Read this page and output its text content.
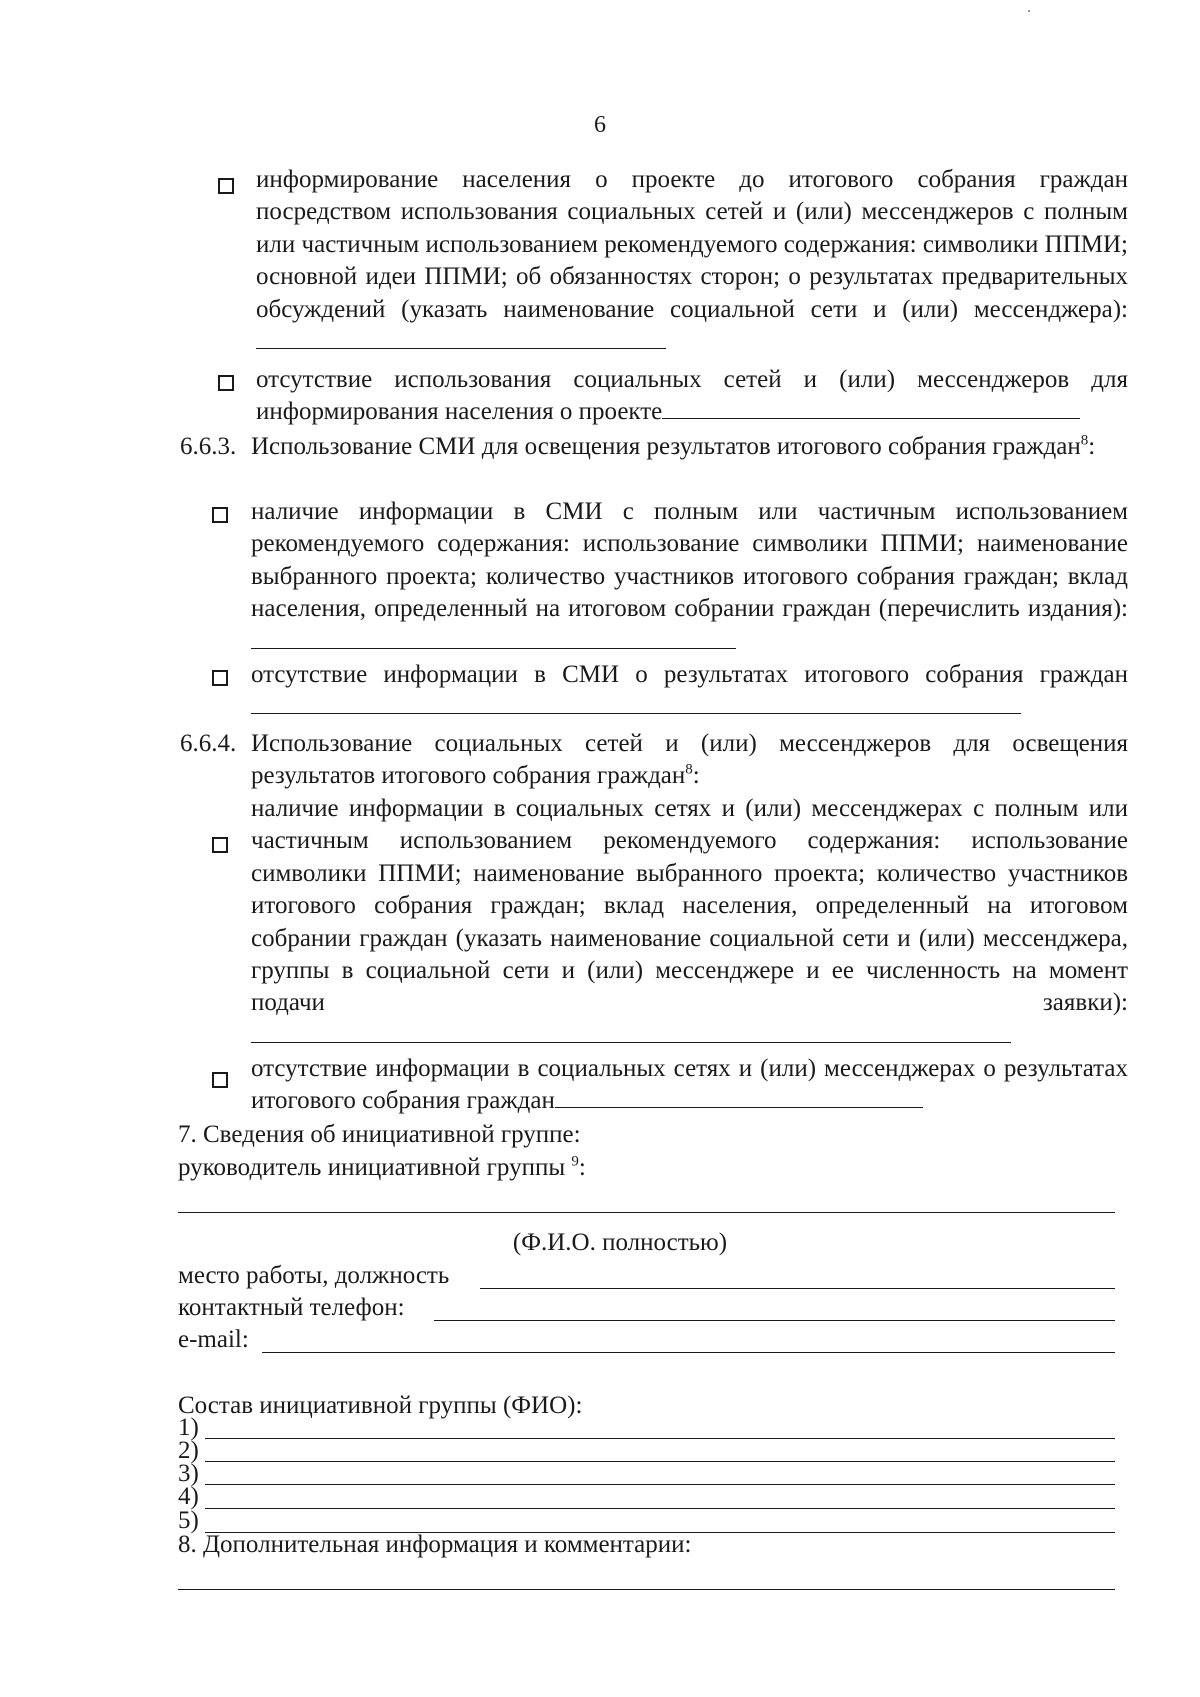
6
информирование населения о проекте до итогового собрания граждан посредством использования социальных сетей и (или) мессенджеров с полным или частичным использованием рекомендуемого содержания: символики ППМИ; основной идеи ППМИ; об обязанностях сторон; о результатах предварительных обсуждений (указать наименование социальной сети и (или) мессенджера):
отсутствие использования социальных сетей и (или) мессенджеров для информирования населения о проекте
6.6.3. Использование СМИ для освещения результатов итогового собрания граждан$^8$:
наличие информации в СМИ с полным или частичным использованием рекомендуемого содержания: использование символики ППМИ; наименование выбранного проекта; количество участников итогового собрания граждан; вклад населения, определенный на итоговом собрании граждан (перечислить издания):
отсутствие информации в СМИ о результатах итогового собрания граждан
6.6.4. Использование социальных сетей и (или) мессенджеров для освещения результатов итогового собрания граждан$^8$:
наличие информации в социальных сетях и (или) мессенджерах с полным или частичным использованием рекомендуемого содержания: использование символики ППМИ; наименование выбранного проекта; количество участников итогового собрания граждан; вклад населения, определенный на итоговом собрании граждан (указать наименование социальной сети и (или) мессенджера, группы в социальной сети и (или) мессенджере и ее численность на момент подачи заявки):
отсутствие информации в социальных сетях и (или) мессенджерах о результатах итогового собрания граждан
7. Сведения об инициативной группе:
руководитель инициативной группы $^9$:
(Ф.И.О. полностью)
место работы, должность
контактный телефон:
e-mail:
Состав инициативной группы (ФИО):
1)
2)
3)
4)
5)
8. Дополнительная информация и комментарии:
